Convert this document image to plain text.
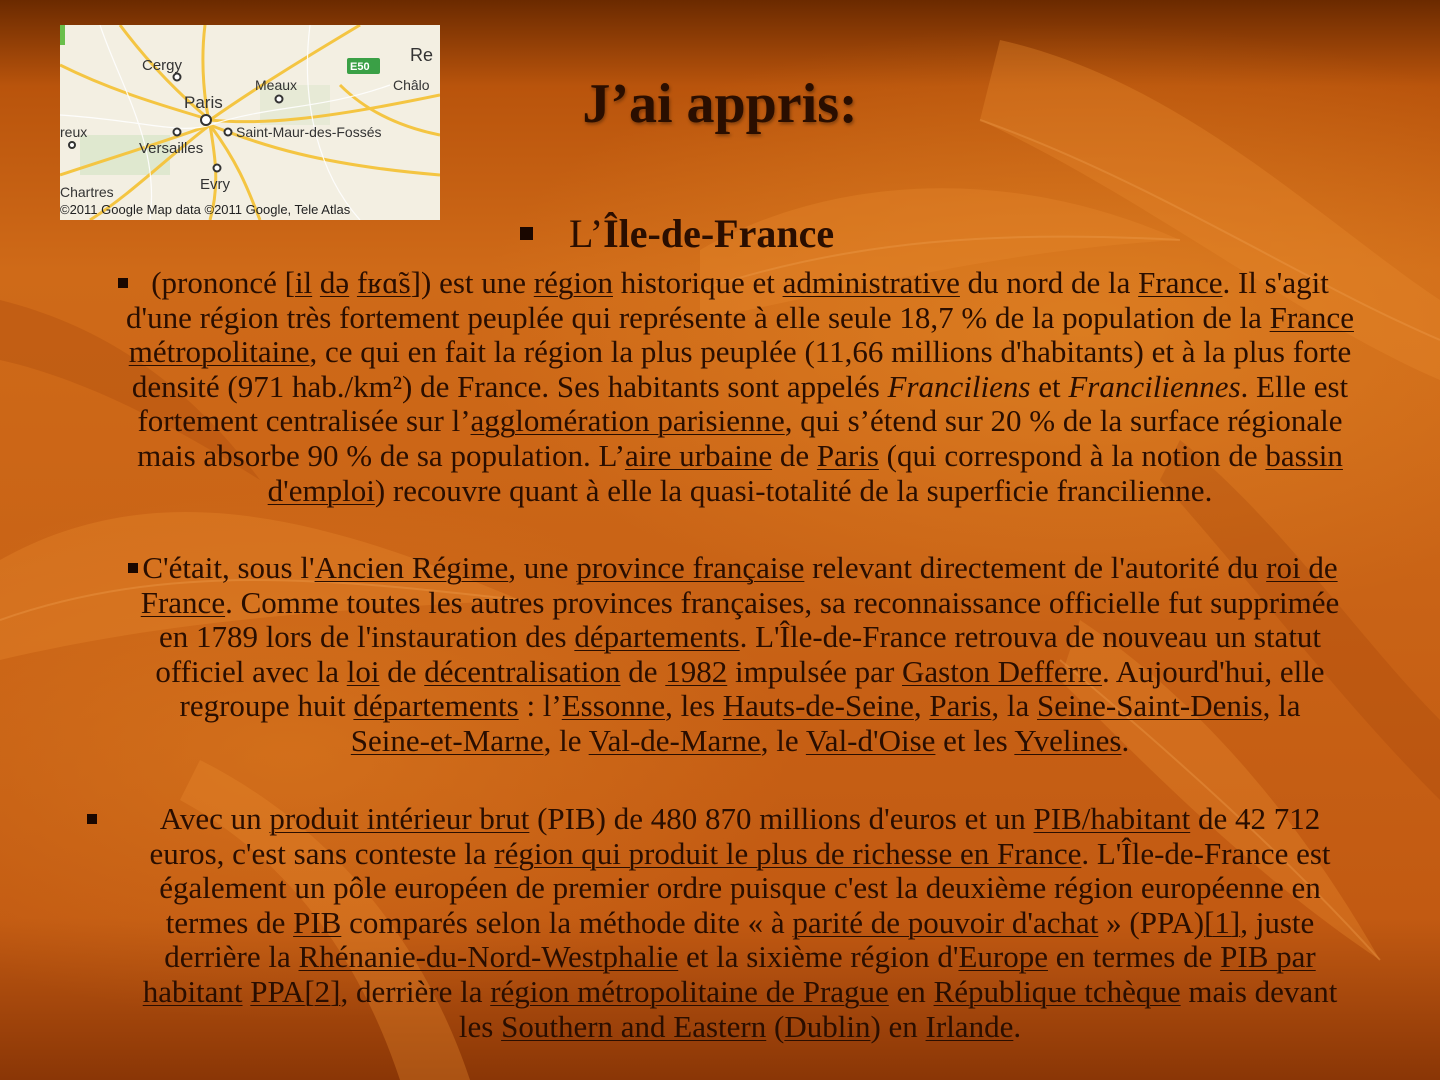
E50
Cergy
Meaux
Paris
Saint-Maur-des-Fossés
Versailles
Evry
Chartres
reux
Re
Châlo
©2011 Google Map data ©2011 Google, Tele Atlas
J’ai appris:
L’Île-de-France

(prononcé [il də fʁɑ̃s]) est une région historique et administrative du nord de la France. Il s'agit d'une région très fortement peuplée qui représente à elle seule 18,7 % de la population de la France métropolitaine, ce qui en fait la région la plus peuplée (11,66 millions d'habitants) et à la plus forte densité (971 hab./km²) de France. Ses habitants sont appelés Franciliens et Franciliennes. Elle est fortement centralisée sur l’agglomération parisienne, qui s’étend sur 20 % de la surface régionale mais absorbe 90 % de sa population. L’aire urbaine de Paris (qui correspond à la notion de bassin d'emploi) recouvre quant à elle la quasi-totalité de la superficie francilienne.

C'était, sous l'Ancien Régime, une province française relevant directement de l'autorité du roi de France. Comme toutes les autres provinces françaises, sa reconnaissance officielle fut supprimée en 1789 lors de l'instauration des départements. L'Île-de-France retrouva de nouveau un statut officiel avec la loi de décentralisation de 1982 impulsée par Gaston Defferre. Aujourd'hui, elle regroupe huit départements : l’Essonne, les Hauts-de-Seine, Paris, la Seine-Saint-Denis, la Seine-et-Marne, le Val-de-Marne, le Val-d'Oise et les Yvelines.

Avec un produit intérieur brut (PIB) de 480 870 millions d'euros et un PIB/habitant de 42 712 euros, c'est sans conteste la région qui produit le plus de richesse en France. L'Île-de-France est également un pôle européen de premier ordre puisque c'est la deuxième région européenne en termes de PIB comparés selon la méthode dite « à parité de pouvoir d'achat » (PPA)[1], juste derrière la Rhénanie-du-Nord-Westphalie et la sixième région d'Europe en termes de PIB par habitant PPA[2], derrière la région métropolitaine de Prague en République tchèque mais devant les Southern and Eastern (Dublin) en Irlande.
